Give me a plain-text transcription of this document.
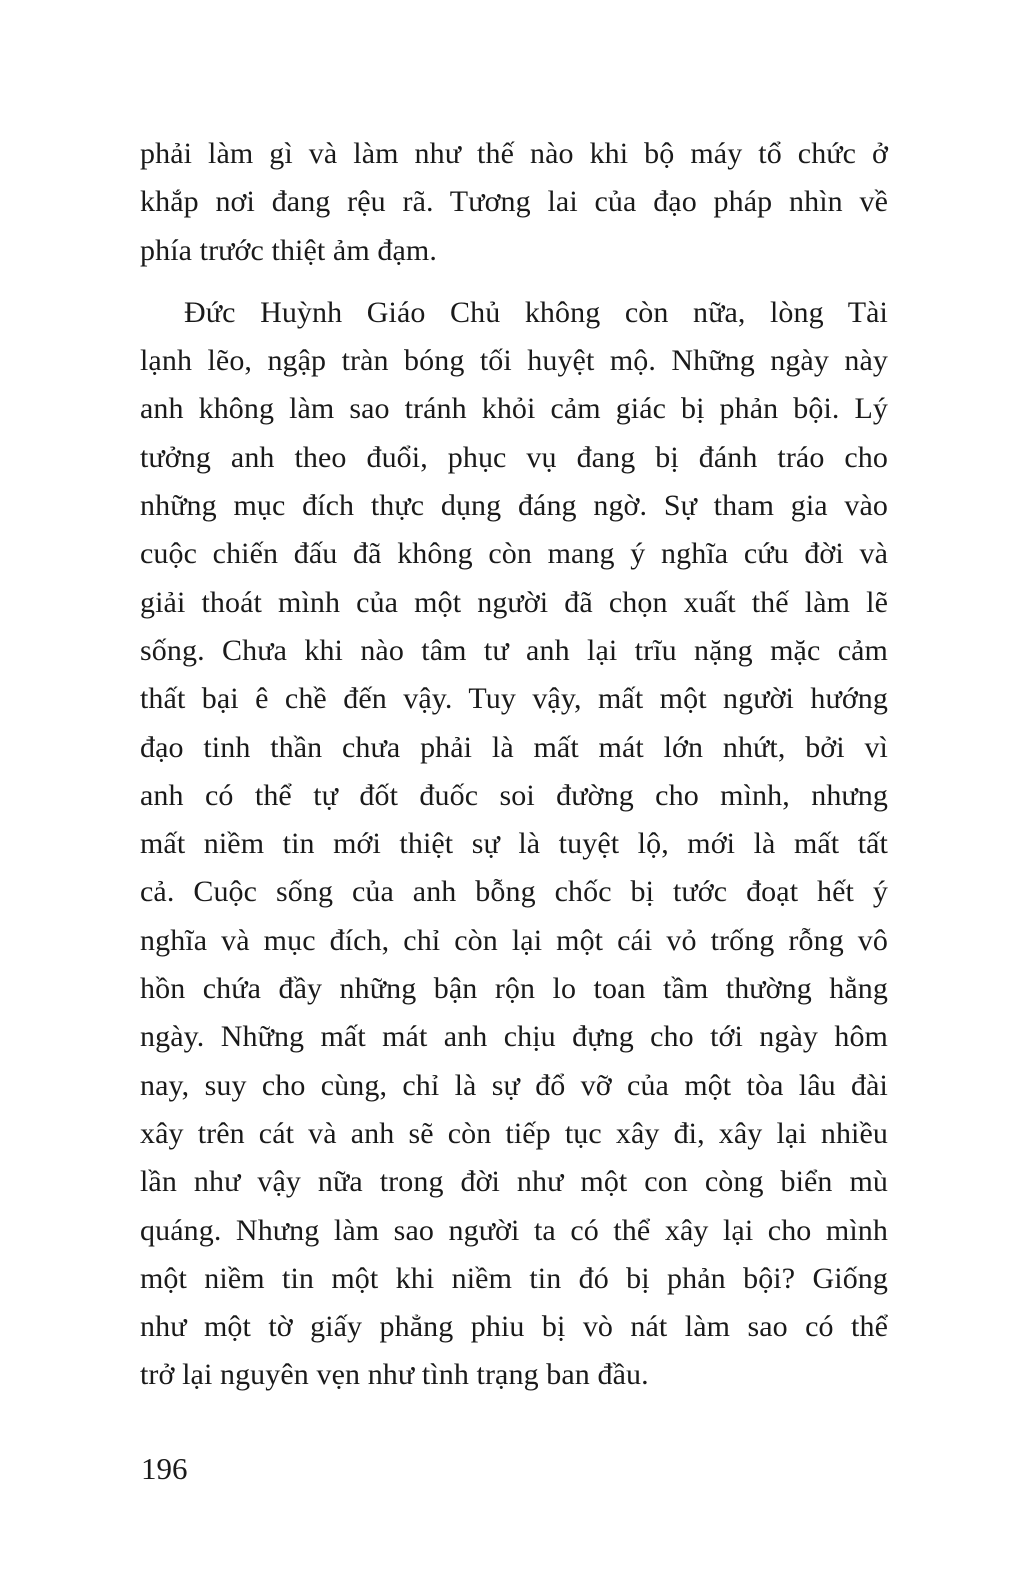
phải làm gì và làm như thế nào khi bộ máy tổ chức ở
khắp nơi đang rệu rã. Tương lai của đạo pháp nhìn về
phía trước thiệt ảm đạm.
Đức Huỳnh Giáo Chủ không còn nữa, lòng Tài
lạnh lẽo, ngập tràn bóng tối huyệt mộ. Những ngày này
anh không làm sao tránh khỏi cảm giác bị phản bội. Lý
tưởng anh theo đuổi, phục vụ đang bị đánh tráo cho
những mục đích thực dụng đáng ngờ. Sự tham gia vào
cuộc chiến đấu đã không còn mang ý nghĩa cứu đời và
giải thoát mình của một người đã chọn xuất thế làm lẽ
sống. Chưa khi nào tâm tư anh lại trĩu nặng mặc cảm
thất bại ê chề đến vậy. Tuy vậy, mất một người hướng
đạo tinh thần chưa phải là mất mát lớn nhứt, bởi vì
anh có thể tự đốt đuốc soi đường cho mình, nhưng
mất niềm tin mới thiệt sự là tuyệt lộ, mới là mất tất
cả. Cuộc sống của anh bỗng chốc bị tước đoạt hết ý
nghĩa và mục đích, chỉ còn lại một cái vỏ trống rỗng vô
hồn chứa đầy những bận rộn lo toan tầm thường hằng
ngày. Những mất mát anh chịu đựng cho tới ngày hôm
nay, suy cho cùng, chỉ là sự đổ vỡ của một tòa lâu đài
xây trên cát và anh sẽ còn tiếp tục xây đi, xây lại nhiều
lần như vậy nữa trong đời như một con còng biển mù
quáng. Nhưng làm sao người ta có thể xây lại cho mình
một niềm tin một khi niềm tin đó bị phản bội? Giống
như một tờ giấy phẳng phiu bị vò nát làm sao có thể
trở lại nguyên vẹn như tình trạng ban đầu.
196
